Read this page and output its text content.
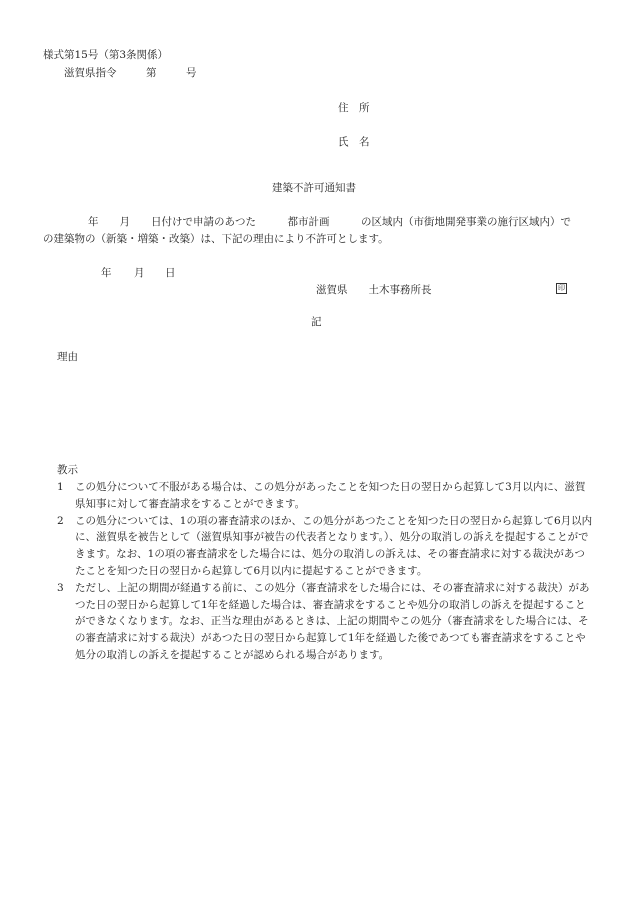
様式第15号（第3条関係）
滋賀県指令	第	号
住　所
氏　名
建築不許可通知書
年　　月　　日付けで申請のあつた　　　都市計画　　　の区域内（市街地開発事業の施行区域内）で
の建築物の（新築・増築・改築）は、下記の理由により不許可とします。
年 月 日
滋賀県　　土木事務所長	印
記
理由
教示
1 この処分について不服がある場合は、この処分があったことを知つた日の翌日から起算して3月以内に、滋賀県知事に対して審査請求をすることができます。
2 この処分については、1の項の審査請求のほか、この処分があつたことを知つた日の翌日から起算して6月以内に、滋賀県を被告として（滋賀県知事が被告の代表者となります。）、処分の取消しの訴えを提起することができます。なお、1の項の審査請求をした場合には、処分の取消しの訴えは、その審査請求に対する裁決があつたことを知つた日の翌日から起算して6月以内に提起することができます。
3 ただし、上記の期間が経過する前に、この処分（審査請求をした場合には、その審査請求に対する裁決）があつた日の翌日から起算して1年を経過した場合は、審査請求をすることや処分の取消しの訴えを提起することができなくなります。なお、正当な理由があるときは、上記の期間やこの処分（審査請求をした場合には、その審査請求に対する裁決）があつた日の翌日から起算して1年を経過した後であつても審査請求をすることや処分の取消しの訴えを提起することが認められる場合があります。
